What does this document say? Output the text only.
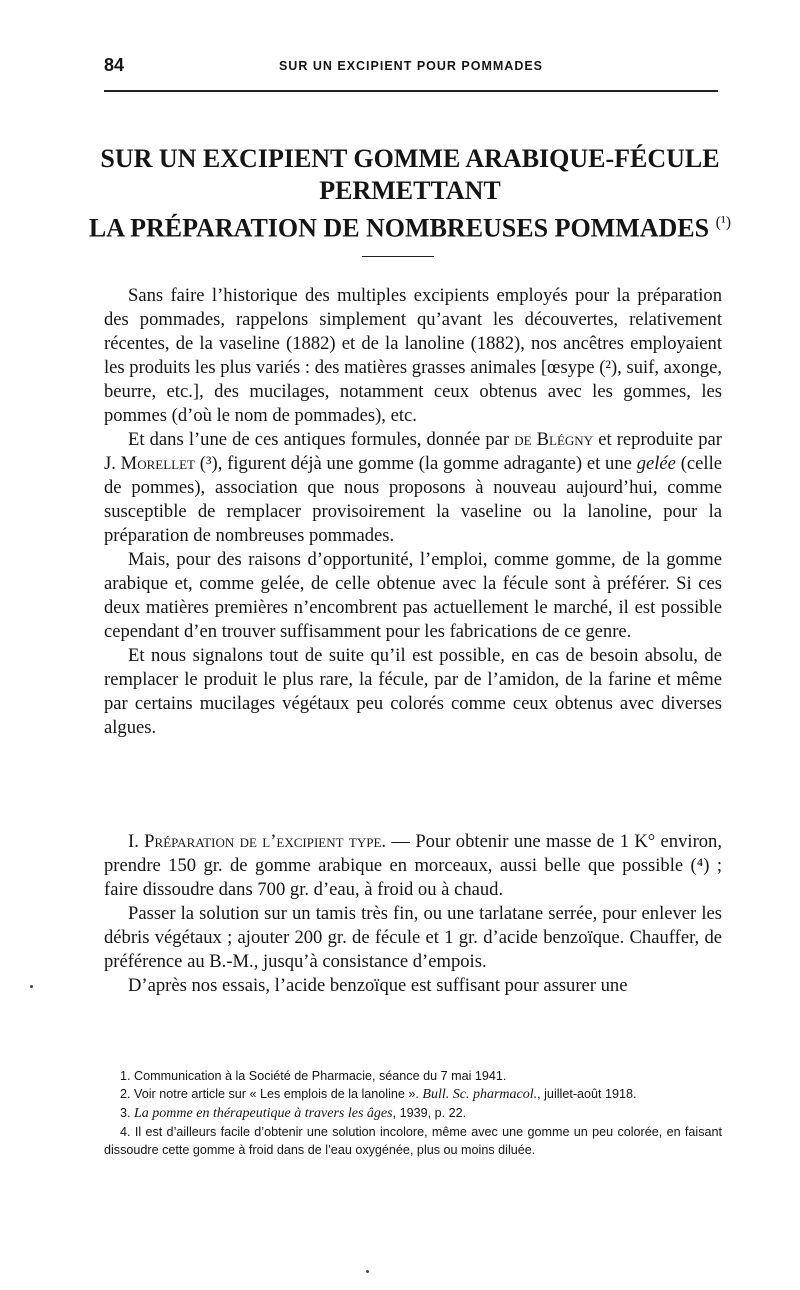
84	SUR UN EXCIPIENT POUR POMMADES
SUR UN EXCIPIENT GOMME ARABIQUE-FÉCULE
PERMETTANT
LA PRÉPARATION DE NOMBREUSES POMMADES $^{(^1)}$

Sans faire l’historique des multiples excipients employés pour la préparation des pommades, rappelons simplement qu’avant les découvertes, relativement récentes, de la vaseline (1882) et de la lanoline (1882), nos ancêtres employaient les produits les plus variés : des matières grasses animales [œsype (²), suif, axonge, beurre, etc.], des mucilages, notamment ceux obtenus avec les gommes, les pommes (d’où le nom de pommades), etc.

Et dans l’une de ces antiques formules, donnée par de Blégny et reproduite par J. Morellet (³), figurent déjà une gomme (la gomme adragante) et une gelée (celle de pommes), association que nous proposons à nouveau aujourd’hui, comme susceptible de remplacer provisoirement la vaseline ou la lanoline, pour la préparation de nombreuses pommades.

Mais, pour des raisons d’opportunité, l’emploi, comme gomme, de la gomme arabique et, comme gelée, de celle obtenue avec la fécule sont à préférer. Si ces deux matières premières n’encombrent pas actuellement le marché, il est possible cependant d’en trouver suffisamment pour les fabrications de ce genre.

Et nous signalons tout de suite qu’il est possible, en cas de besoin absolu, de remplacer le produit le plus rare, la fécule, par de l’amidon, de la farine et même par certains mucilages végétaux peu colorés comme ceux obtenus avec diverses algues.

I. Préparation de l’excipient type. — Pour obtenir une masse de 1 K° environ, prendre 150 gr. de gomme arabique en morceaux, aussi belle que possible (⁴) ; faire dissoudre dans 700 gr. d’eau, à froid ou à chaud.

Passer la solution sur un tamis très fin, ou une tarlatane serrée, pour enlever les débris végétaux ; ajouter 200 gr. de fécule et 1 gr. d’acide benzoïque. Chauffer, de préférence au B.-M., jusqu’à consistance d’empois.

D’après nos essais, l’acide benzoïque est suffisant pour assurer une

1. Communication à la Société de Pharmacie, séance du 7 mai 1941.

2. Voir notre article sur « Les emplois de la lanoline ». Bull. Sc. pharmacol., juillet-août 1918.

3. La pomme en thérapeutique à travers les âges, 1939, p. 22.

4. Il est d’ailleurs facile d’obtenir une solution incolore, même avec une gomme un peu colorée, en faisant dissoudre cette gomme à froid dans de l’eau oxygénée, plus ou moins diluée.
